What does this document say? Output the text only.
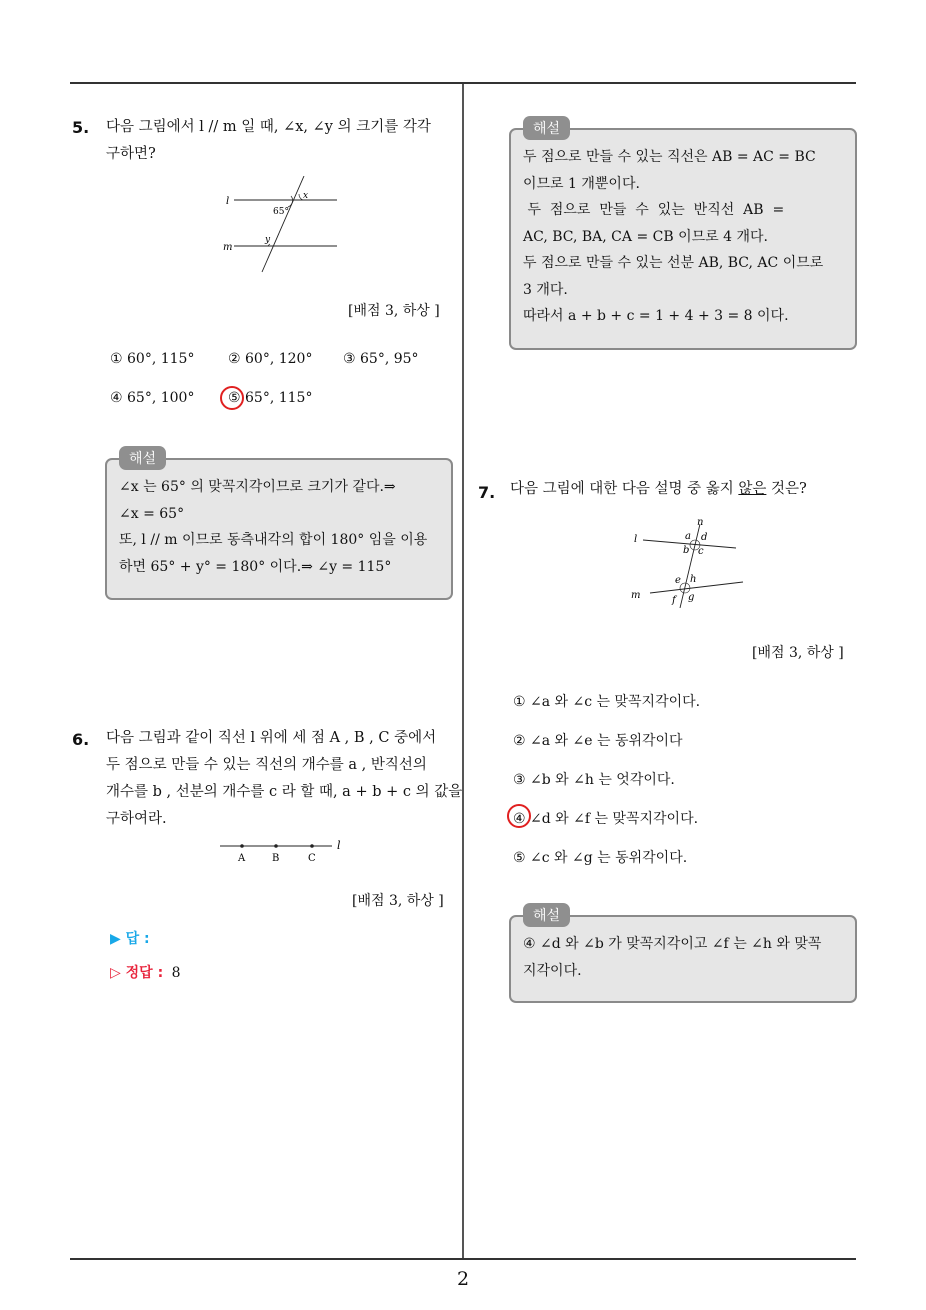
2
5. 다음 그림에서 l // m 일 때, ∠x, ∠y 의 크기를 각각
구하면?
l
m
x
y
65°
[배점 3, 하상 ]
① 60°, 115° ② 60°, 120° ③ 65°, 95°
④ 65°, 100° ⑤ 65°, 115°
해설
∠x 는 65° 의 맞꼭지각이므로 크기가 같다.⇒
∠x = 65°
또, l // m 이므로 동측내각의 합이 180° 임을 이용
하면 65° + y° = 180° 이다.⇒ ∠y = 115°
6. 다음 그림과 같이 직선 l 위에 세 점 A , B , C 중에서
두 점으로 만들 수 있는 직선의 개수를 a , 반직선의
개수를 b , 선분의 개수를 c 라 할 때, a + b + c 의 값을
구하여라.
A	B	C
l
[배점 3, 하상 ]
▶ 답 :
▷ 정답 : 8
해설
두 점으로 만들 수 있는 직선은 AB = AC = BC
이므로 1 개뿐이다.
두  점으로  만들  수  있는  반직선  AB  =
AC, BC, BA, CA = CB 이므로 4 개다.
두 점으로 만들 수 있는 선분 AB, BC, AC 이므로
3 개다.
따라서 a + b + c = 1 + 4 + 3 = 8 이다.
7. 다음 그림에 대한 다음 설명 중 옳지 않은 것은?
n
a d
b c
l
e h
m	f g
[배점 3, 하상 ]
① ∠a 와 ∠c 는 맞꼭지각이다.
② ∠a 와 ∠e 는 동위각이다
③ ∠b 와 ∠h 는 엇각이다.
④ ∠d 와 ∠f 는 맞꼭지각이다.
⑤ ∠c 와 ∠g 는 동위각이다.
해설
④ ∠d 와 ∠b 가 맞꼭지각이고 ∠f 는 ∠h 와 맞꼭
지각이다.
